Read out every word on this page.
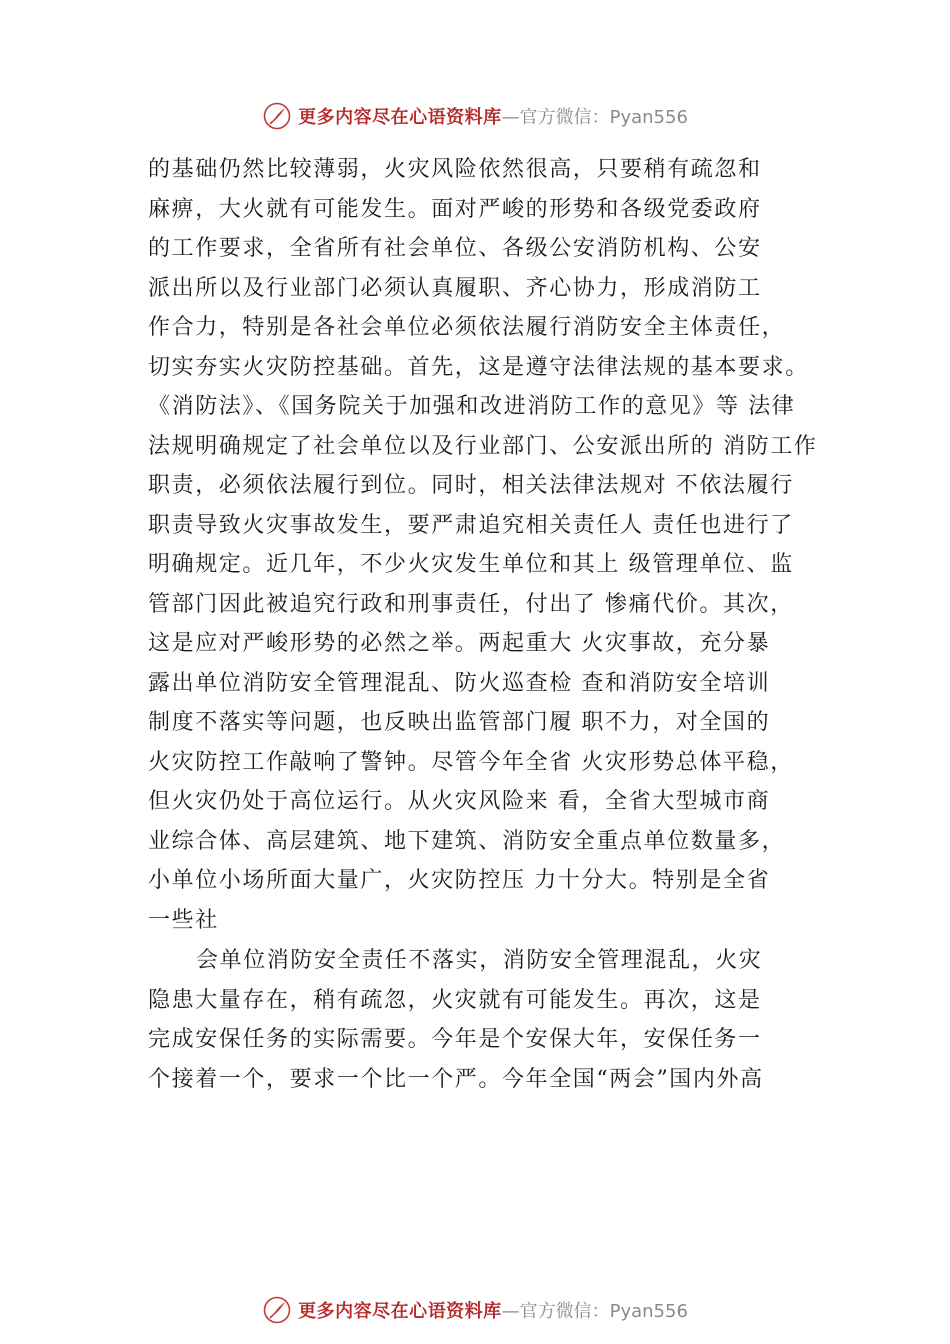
更多内容尽在心语资料库 —官方微信：Pyan556
的基础仍然比较薄弱，火灾风险依然很高，只要稍有疏忽和
麻痹，大火就有可能发生。面对严峻的形势和各级党委政府
的工作要求，全省所有社会单位、各级公安消防机构、公安
派出所以及行业部门必须认真履职、齐心协力，形成消防工
作合力，特别是各社会单位必须依法履行消防安全主体责任，
切实夯实火灾防控基础。首先，这是遵守法律法规的基本要求。
《消防法》、《国务院关于加强和改进消防工作的意见》等 法律
法规明确规定了社会单位以及行业部门、公安派出所的 消防工作
职责，必须依法履行到位。同时，相关法律法规对 不依法履行
职责导致火灾事故发生，要严肃追究相关责任人 责任也进行了
明确规定。近几年，不少火灾发生单位和其上 级管理单位、监
管部门因此被追究行政和刑事责任，付出了 惨痛代价。其次，
这是应对严峻形势的必然之举。两起重大 火灾事故，充分暴
露出单位消防安全管理混乱、防火巡查检 查和消防安全培训
制度不落实等问题，也反映出监管部门履 职不力，对全国的
火灾防控工作敲响了警钟。尽管今年全省 火灾形势总体平稳，
但火灾仍处于高位运行。从火灾风险来 看，全省大型城市商
业综合体、高层建筑、地下建筑、消防安全重点单位数量多，
小单位小场所面大量广，火灾防控压 力十分大。特别是全省
一些社
会单位消防安全责任不落实，消防安全管理混乱，火灾
隐患大量存在，稍有疏忽，火灾就有可能发生。再次，这是
完成安保任务的实际需要。今年是个安保大年，安保任务一
个接着一个，要求一个比一个严。今年全国“两会”国内外高
更多内容尽在心语资料库 —官方微信：Pyan556
